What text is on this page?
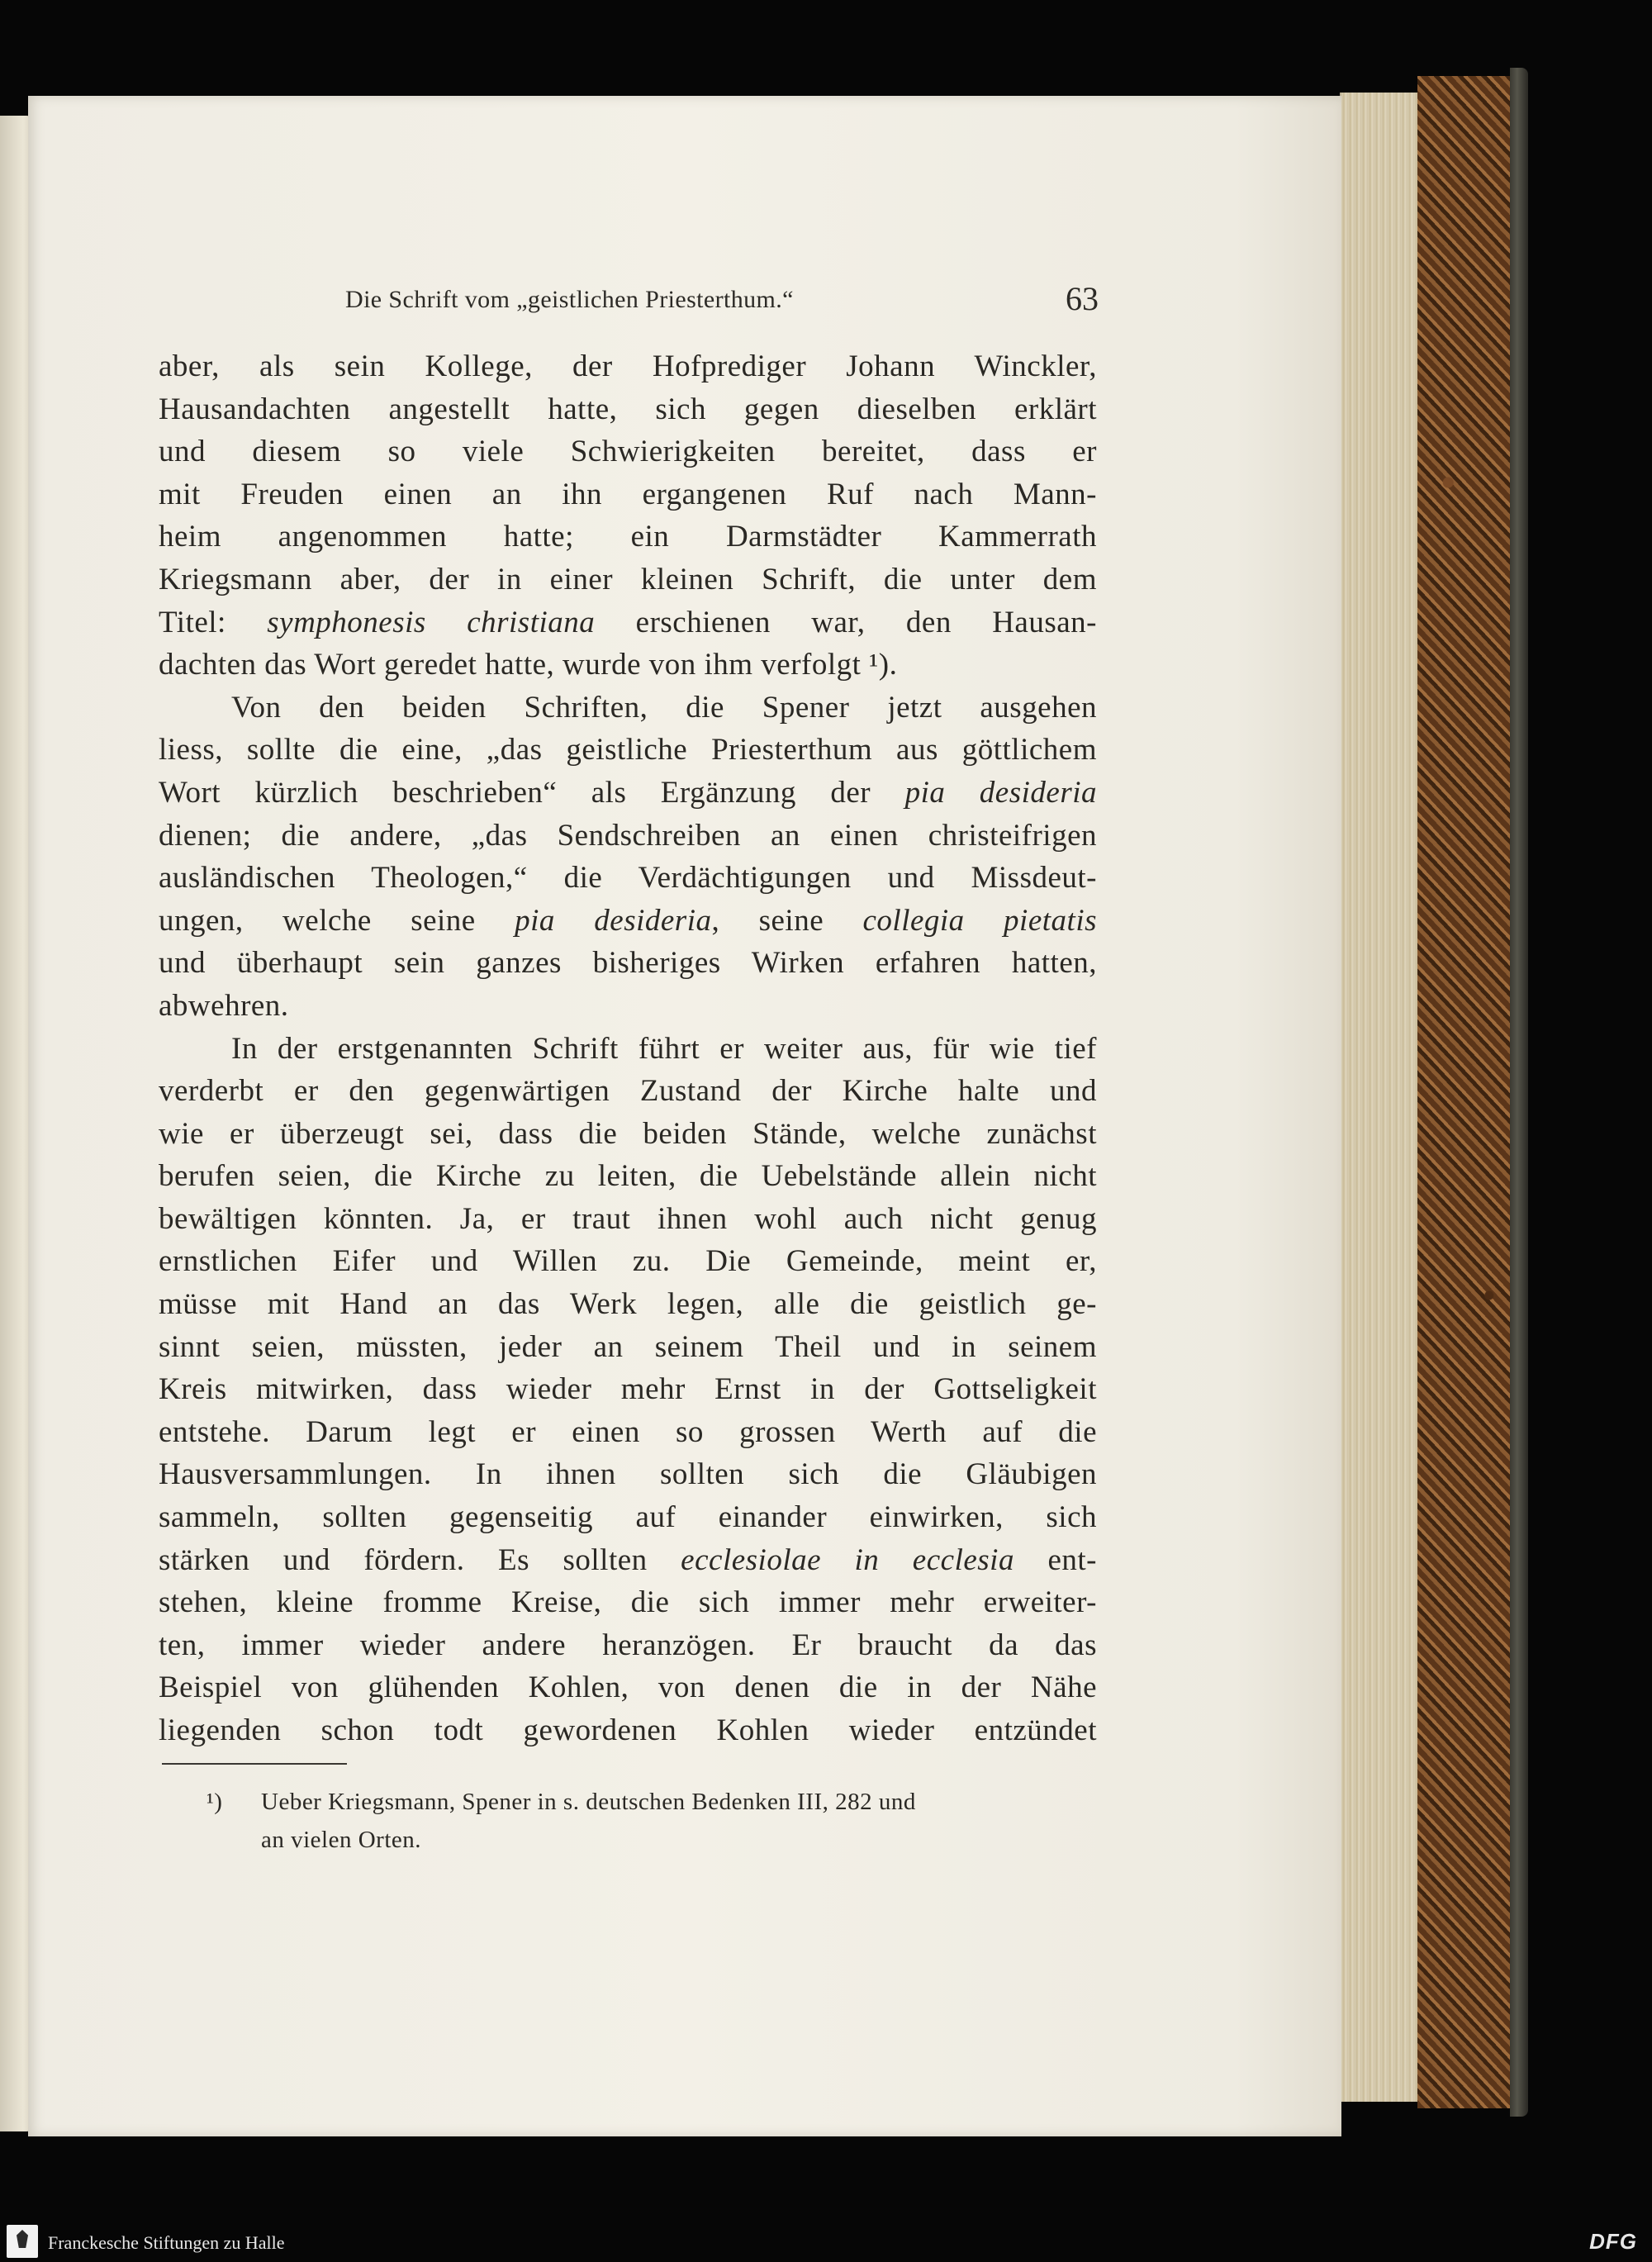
Die Schrift vom „geistlichen Priesterthum.“	63
aber, als sein Kollege, der Hofprediger Johann Winckler,
Hausandachten angestellt hatte, sich gegen dieselben erklärt
und diesem so viele Schwierigkeiten bereitet, dass er
mit Freuden einen an ihn ergangenen Ruf nach Mann-
heim angenommen hatte; ein Darmstädter Kammerrath
Kriegsmann aber, der in einer kleinen Schrift, die unter dem
Titel: symphonesis christiana erschienen war, den Hausan-
dachten das Wort geredet hatte, wurde von ihm verfolgt ¹).
Von den beiden Schriften, die Spener jetzt ausgehen
liess, sollte die eine, „das geistliche Priesterthum aus göttlichem
Wort kürzlich beschrieben“ als Ergänzung der pia desideria
dienen; die andere, „das Sendschreiben an einen christeifrigen
ausländischen Theologen,“ die Verdächtigungen und Missdeut-
ungen, welche seine pia desideria, seine collegia pietatis
und überhaupt sein ganzes bisheriges Wirken erfahren hatten,
abwehren.
In der erstgenannten Schrift führt er weiter aus, für wie tief
verderbt er den gegenwärtigen Zustand der Kirche halte und
wie er überzeugt sei, dass die beiden Stände, welche zunächst
berufen seien, die Kirche zu leiten, die Uebelstände allein nicht
bewältigen könnten. Ja, er traut ihnen wohl auch nicht genug
ernstlichen Eifer und Willen zu. Die Gemeinde, meint er,
müsse mit Hand an das Werk legen, alle die geistlich ge-
sinnt seien, müssten, jeder an seinem Theil und in seinem
Kreis mitwirken, dass wieder mehr Ernst in der Gottseligkeit
entstehe. Darum legt er einen so grossen Werth auf die
Hausversammlungen. In ihnen sollten sich die Gläubigen
sammeln, sollten gegenseitig auf einander einwirken, sich
stärken und fördern. Es sollten ecclesiolae in ecclesia ent-
stehen, kleine fromme Kreise, die sich immer mehr erweiter-
ten, immer wieder andere heranzögen. Er braucht da das
Beispiel von glühenden Kohlen, von denen die in der Nähe
liegenden schon todt gewordenen Kohlen wieder entzündet
¹) Ueber Kriegsmann, Spener in s. deutschen Bedenken III, 282 und
an vielen Orten.
Franckesche Stiftungen zu Halle	DFG
